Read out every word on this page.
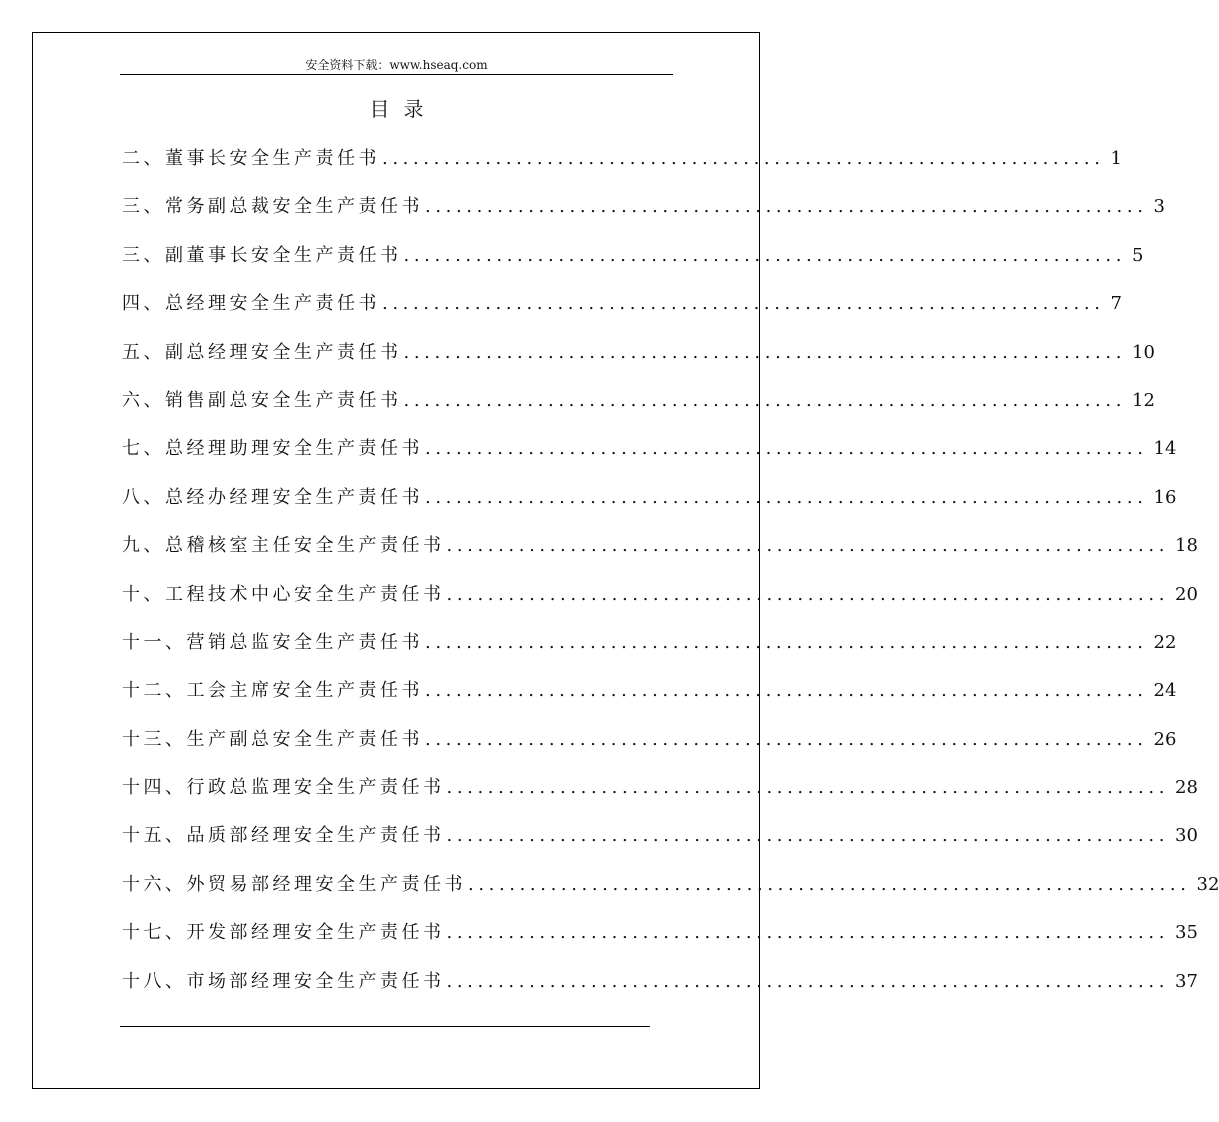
安全资料下载：www.hseaq.com
目录
二、董事长安全生产责任书 ...................................................................... 1
三、常务副总裁安全生产责任书 ...................................................................... 3
三、副董事长安全生产责任书 ...................................................................... 5
四、总经理安全生产责任书 ...................................................................... 7
五、副总经理安全生产责任书 ...................................................................... 10
六、销售副总安全生产责任书 ...................................................................... 12
七、总经理助理安全生产责任书 ...................................................................... 14
八、总经办经理安全生产责任书 ...................................................................... 16
九、总稽核室主任安全生产责任书 ...................................................................... 18
十、工程技术中心安全生产责任书 ...................................................................... 20
十一、营销总监安全生产责任书 ...................................................................... 22
十二、工会主席安全生产责任书 ...................................................................... 24
十三、生产副总安全生产责任书 ...................................................................... 26
十四、行政总监理安全生产责任书 ...................................................................... 28
十五、品质部经理安全生产责任书 ...................................................................... 30
十六、外贸易部经理安全生产责任书 ...................................................................... 32
十七、开发部经理安全生产责任书 ...................................................................... 35
十八、市场部经理安全生产责任书 ...................................................................... 37
